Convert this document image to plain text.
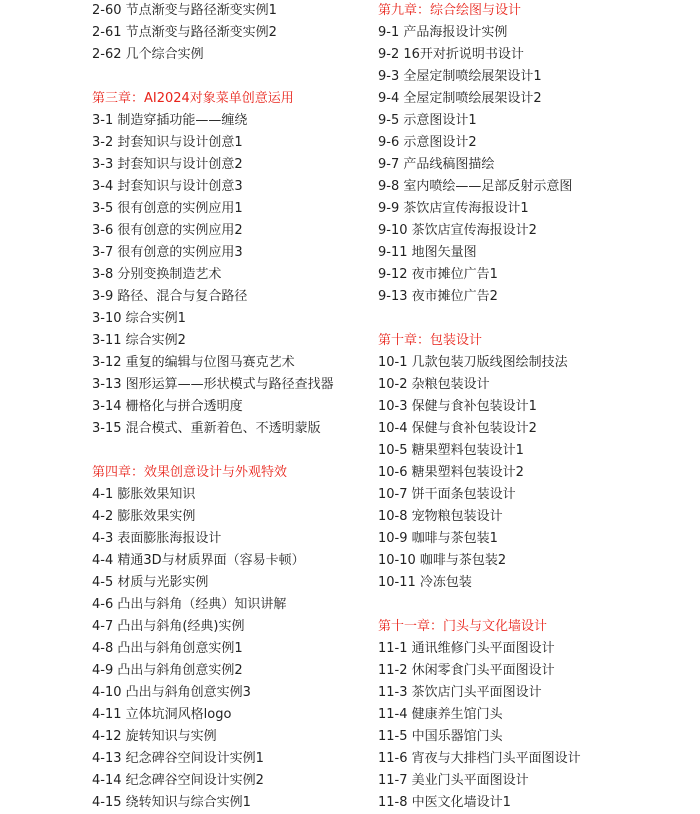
2-60 节点渐变与路径渐变实例1
2-61 节点渐变与路径渐变实例2
2-62 几个综合实例
第三章：AI2024对象菜单创意运用
3-1 制造穿插功能——缠绕
3-2 封套知识与设计创意1
3-3 封套知识与设计创意2
3-4 封套知识与设计创意3
3-5 很有创意的实例应用1
3-6 很有创意的实例应用2
3-7 很有创意的实例应用3
3-8 分别变换制造艺术
3-9 路径、混合与复合路径
3-10 综合实例1
3-11 综合实例2
3-12 重复的编辑与位图马赛克艺术
3-13 图形运算——形状模式与路径查找器
3-14 栅格化与拼合透明度
3-15 混合模式、重新着色、不透明蒙版
第四章：效果创意设计与外观特效
4-1 膨胀效果知识
4-2 膨胀效果实例
4-3 表面膨胀海报设计
4-4 精通3D与材质界面（容易卡顿）
4-5 材质与光影实例
4-6 凸出与斜角（经典）知识讲解
4-7 凸出与斜角(经典)实例
4-8 凸出与斜角创意实例1
4-9 凸出与斜角创意实例2
4-10 凸出与斜角创意实例3
4-11 立体坑洞风格logo
4-12 旋转知识与实例
4-13 纪念碑谷空间设计实例1
4-14 纪念碑谷空间设计实例2
4-15 绕转知识与综合实例1
第九章：综合绘图与设计
9-1 产品海报设计实例
9-2 16开对折说明书设计
9-3 全屋定制喷绘展架设计1
9-4 全屋定制喷绘展架设计2
9-5 示意图设计1
9-6 示意图设计2
9-7 产品线稿图描绘
9-8 室内喷绘——足部反射示意图
9-9 茶饮店宣传海报设计1
9-10 茶饮店宣传海报设计2
9-11 地图矢量图
9-12 夜市摊位广告1
9-13 夜市摊位广告2
第十章：包装设计
10-1 几款包装刀版线图绘制技法
10-2 杂粮包装设计
10-3 保健与食补包装设计1
10-4 保健与食补包装设计2
10-5 糖果塑料包装设计1
10-6 糖果塑料包装设计2
10-7 饼干面条包装设计
10-8 宠物粮包装设计
10-9 咖啡与茶包装1
10-10 咖啡与茶包装2
10-11 冷冻包装
第十一章：门头与文化墙设计
11-1 通讯维修门头平面图设计
11-2 休闲零食门头平面图设计
11-3 茶饮店门头平面图设计
11-4 健康养生馆门头
11-5 中国乐器馆门头
11-6 宵夜与大排档门头平面图设计
11-7 美业门头平面图设计
11-8 中医文化墙设计1
